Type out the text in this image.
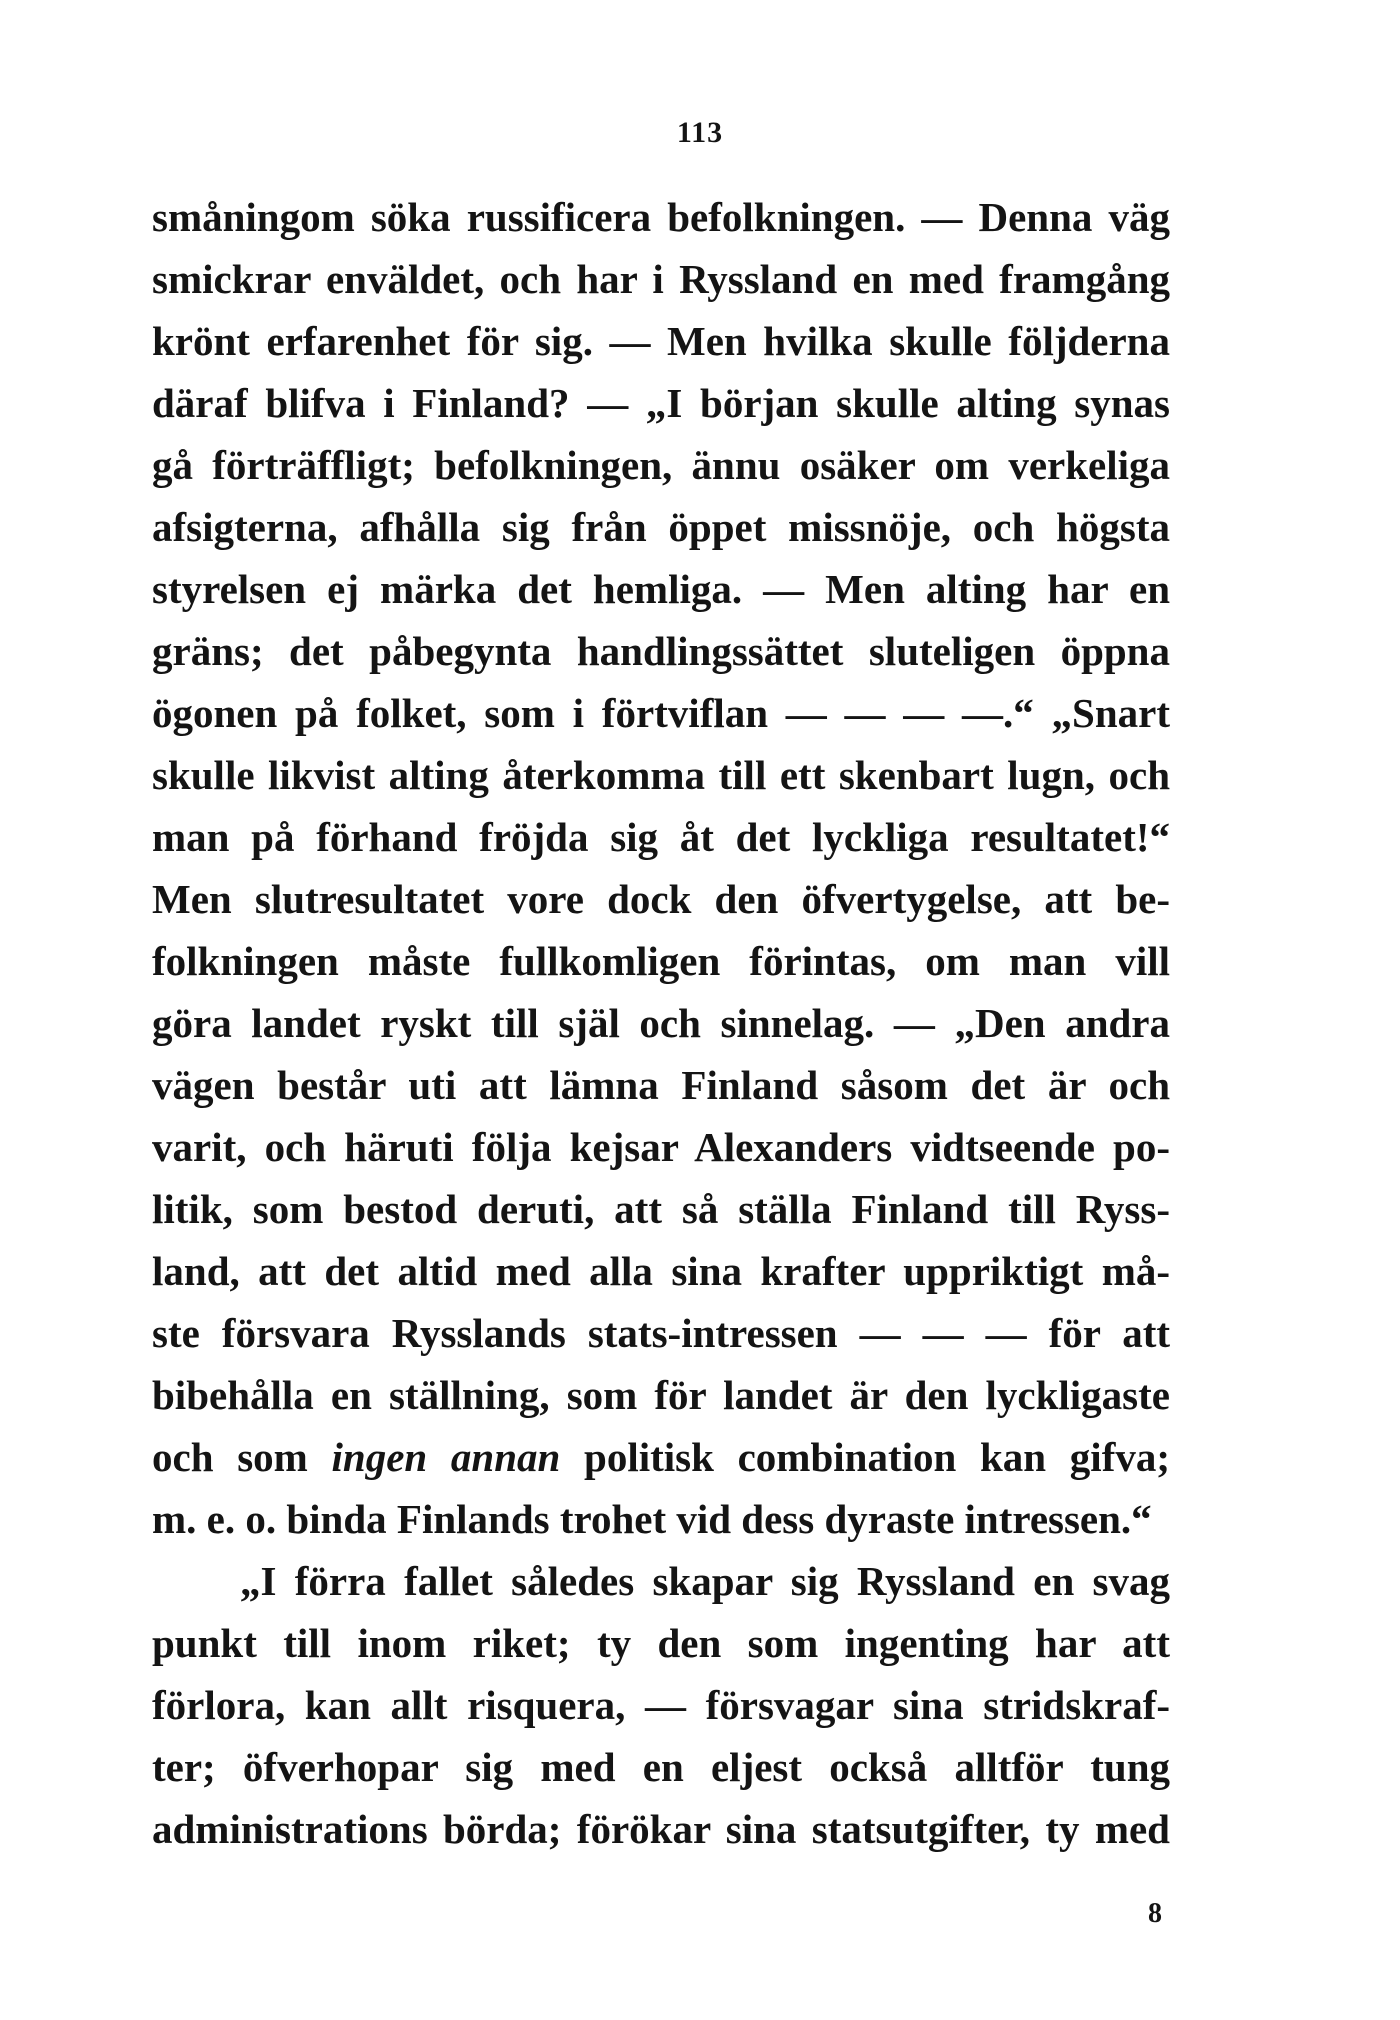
113
småningom söka russificera befolkningen. — Denna väg
smickrar enväldet, och har i Ryssland en med framgång
krönt erfarenhet för sig. — Men hvilka skulle följderna
däraf blifva i Finland? — „I början skulle alting synas
gå förträffligt; befolkningen, ännu osäker om verkeliga
afsigterna, afhålla sig från öppet missnöje, och högsta
styrelsen ej märka det hemliga. — Men alting har en
gräns; det påbegynta handlingssättet sluteligen öppna
ögonen på folket, som i förtviflan — — — —.“ „Snart
skulle likvist alting återkomma till ett skenbart lugn, och
man på förhand fröjda sig åt det lyckliga resultatet!“
Men slutresultatet vore dock den öfvertygelse, att be-
folkningen måste fullkomligen förintas, om man vill
göra landet ryskt till själ och sinnelag. — „Den andra
vägen består uti att lämna Finland såsom det är och
varit, och häruti följa kejsar Alexanders vidtseende po-
litik, som bestod deruti, att så ställa Finland till Ryss-
land, att det altid med alla sina krafter uppriktigt må-
ste försvara Rysslands stats-intressen — — — för att
bibehålla en ställning, som för landet är den lyckligaste
och som ingen annan politisk combination kan gifva;
m. e. o. binda Finlands trohet vid dess dyraste intressen.“
„I förra fallet således skapar sig Ryssland en svag
punkt till inom riket; ty den som ingenting har att
förlora, kan allt risquera, — försvagar sina stridskraf-
ter; öfverhopar sig med en eljest också alltför tung
administrations börda; förökar sina statsutgifter, ty med
8
